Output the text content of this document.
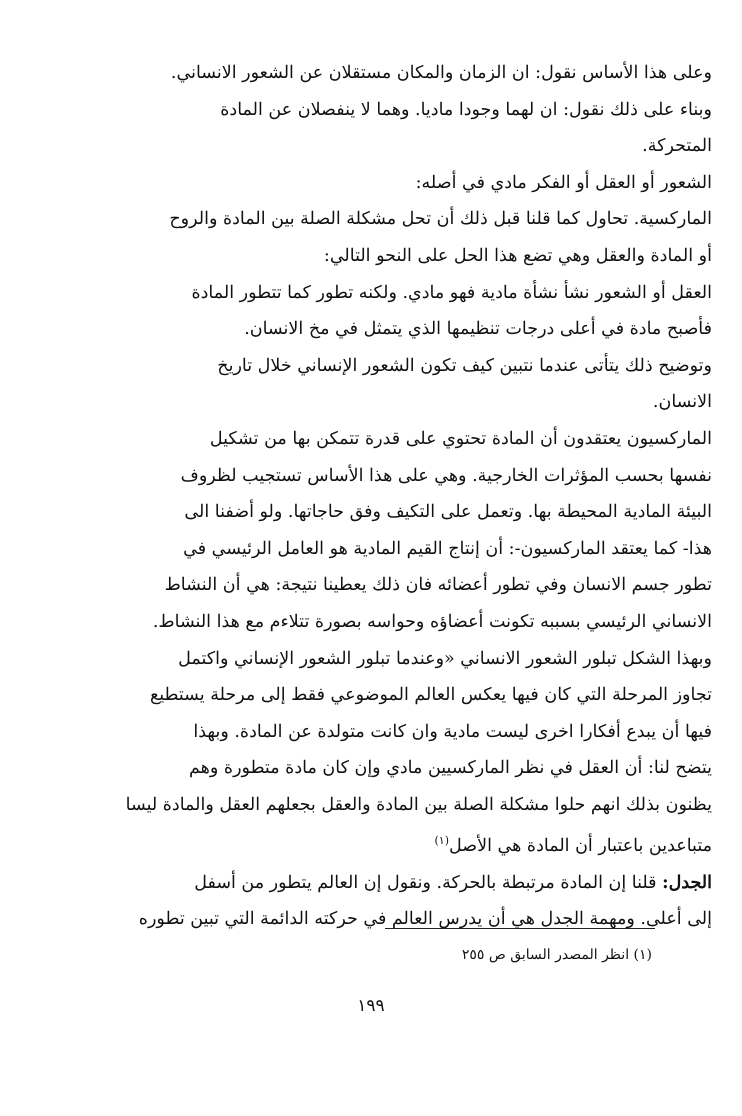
وعلى هذا الأساس نقول: ان الزمان والمكان مستقلان عن الشعور الانساني.
وبناء على ذلك نقول: ان لهما وجودا ماديا. وهما لا ينفصلان عن المادة
المتحركة.
الشعور أو العقل أو الفكر مادي في أصله:
الماركسية. تحاول كما قلنا قبل ذلك أن تحل مشكلة الصلة بين المادة والروح
أو المادة والعقل وهي تضع هذا الحل على النحو التالي:
العقل أو الشعور نشأ نشأة مادية فهو مادي. ولكنه تطور كما تتطور المادة
فأصبح مادة في أعلى درجات تنظيمها الذي يتمثل في مخ الانسان.
وتوضيح ذلك يتأتى عندما نتبين كيف تكون الشعور الإنساني خلال تاريخ
الانسان.
الماركسيون يعتقدون أن المادة تحتوي على قدرة تتمكن بها من تشكيل
نفسها بحسب المؤثرات الخارجية. وهي على هذا الأساس تستجيب لظروف
البيئة المادية المحيطة بها. وتعمل على التكيف وفق حاجاتها. ولو أضفنا الى
هذا- كما يعتقد الماركسيون-: أن إنتاج القيم المادية هو العامل الرئيسي في
تطور جسم الانسان وفي تطور أعضائه فان ذلك يعطينا نتيجة: هي أن النشاط
الانساني الرئيسي بسببه تكونت أعضاؤه وحواسه بصورة تتلاءم مع هذا النشاط.
وبهذا الشكل تبلور الشعور الانساني «وعندما تبلور الشعور الإنساني واكتمل
تجاوز المرحلة التي كان فيها يعكس العالم الموضوعي فقط إلى مرحلة يستطيع
فيها أن يبدع أفكارا اخرى ليست مادية وان كانت متولدة عن المادة. وبهذا
يتضح لنا: أن العقل في نظر الماركسيين مادي وإن كان مادة متطورة وهم
يظنون بذلك انهم حلوا مشكلة الصلة بين المادة والعقل بجعلهم العقل والمادة ليسا
متباعدين باعتبار أن المادة هي الأصل$^{(١)}$
الجدل: قلنا إن المادة مرتبطة بالحركة. ونقول إن العالم يتطور من أسفل
إلى أعلى. ومهمة الجدل هي أن يدرس العالم في حركته الدائمة التي تبين تطوره
(١) انظر المصدر السابق ص ٢٥٥
١٩٩
